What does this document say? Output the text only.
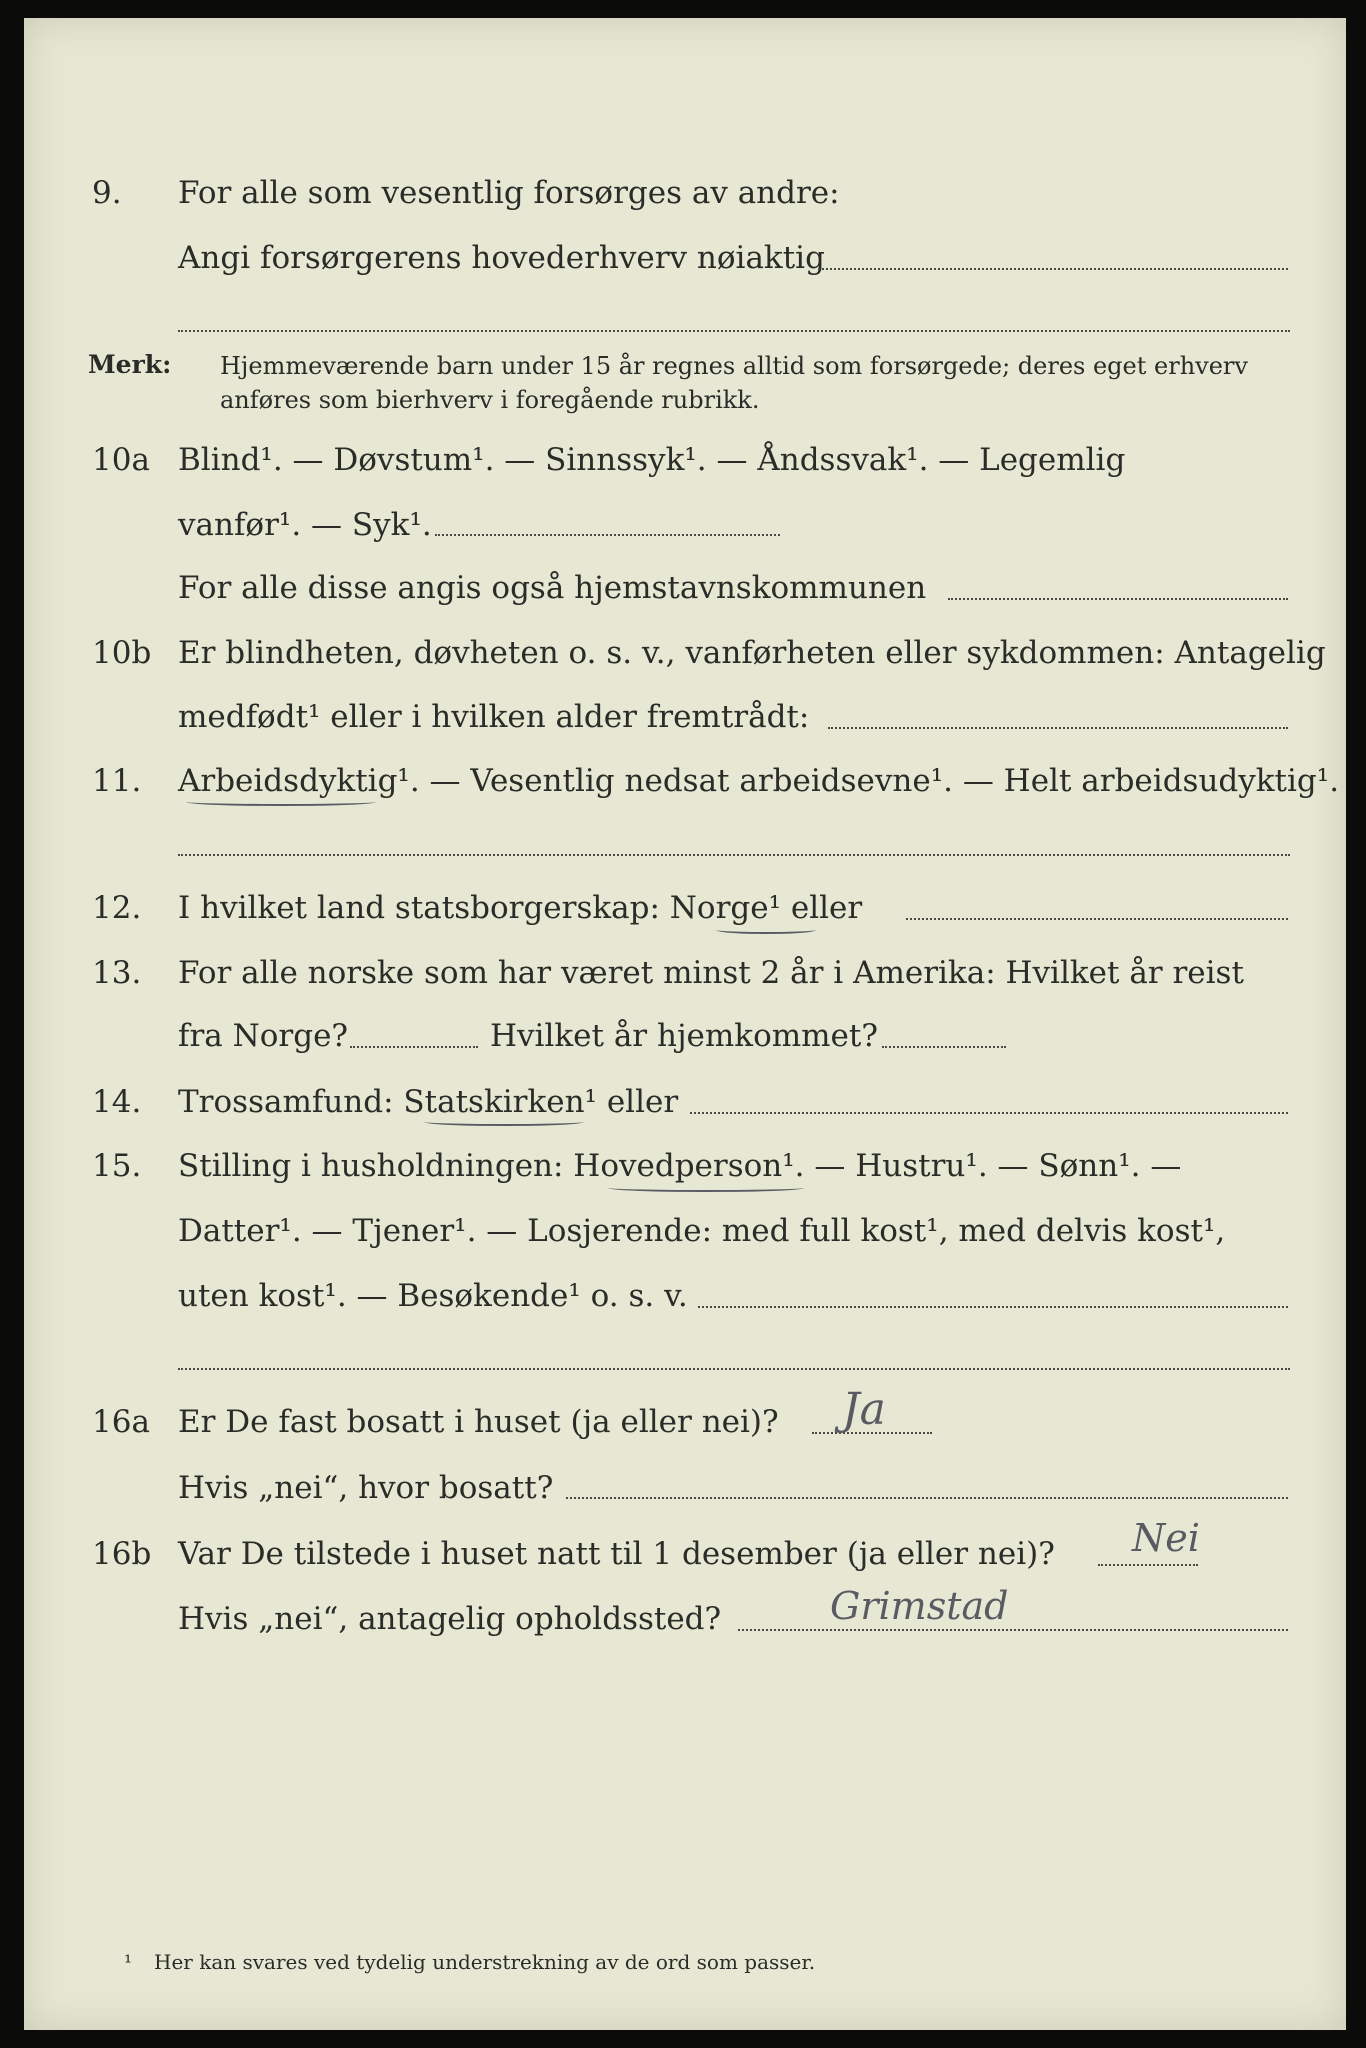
9. For alle som vesentlig forsørges av andre:
Angi forsørgerens hovederhverv nøiaktig
Merk: Hjemmeværende barn under 15 år regnes alltid som forsørgede; deres eget erhverv
anføres som bierhverv i foregående rubrikk.
10a Blind¹. — Døvstum¹. — Sinnssyk¹. — Åndssvak¹. — Legemlig
vanfør¹. — Syk¹.
For alle disse angis også hjemstavnskommunen
10b Er blindheten, døvheten o. s. v., vanførheten eller sykdommen: Antagelig
medfødt¹ eller i hvilken alder fremtrådt:
11. Arbeidsdyktig¹. — Vesentlig nedsat arbeidsevne¹. — Helt arbeidsudyktig¹.
12. I hvilket land statsborgerskap: Norge¹ eller
13. For alle norske som har været minst 2 år i Amerika: Hvilket år reist
fra Norge?	Hvilket år hjemkommet?
14. Trossamfund: Statskirken¹ eller
15. Stilling i husholdningen: Hovedperson¹. — Hustru¹. — Sønn¹. —
Datter¹. — Tjener¹. — Losjerende: med full kost¹, med delvis kost¹,
uten kost¹. — Besøkende¹ o. s. v.
16a Er De fast bosatt i huset (ja eller nei)? Ja
Hvis „nei“, hvor bosatt?
16b Var De tilstede i huset natt til 1 desember (ja eller nei)? Nei
Hvis „nei“, antagelig opholdssted?	Grimstad
¹ Her kan svares ved tydelig understrekning av de ord som passer.
